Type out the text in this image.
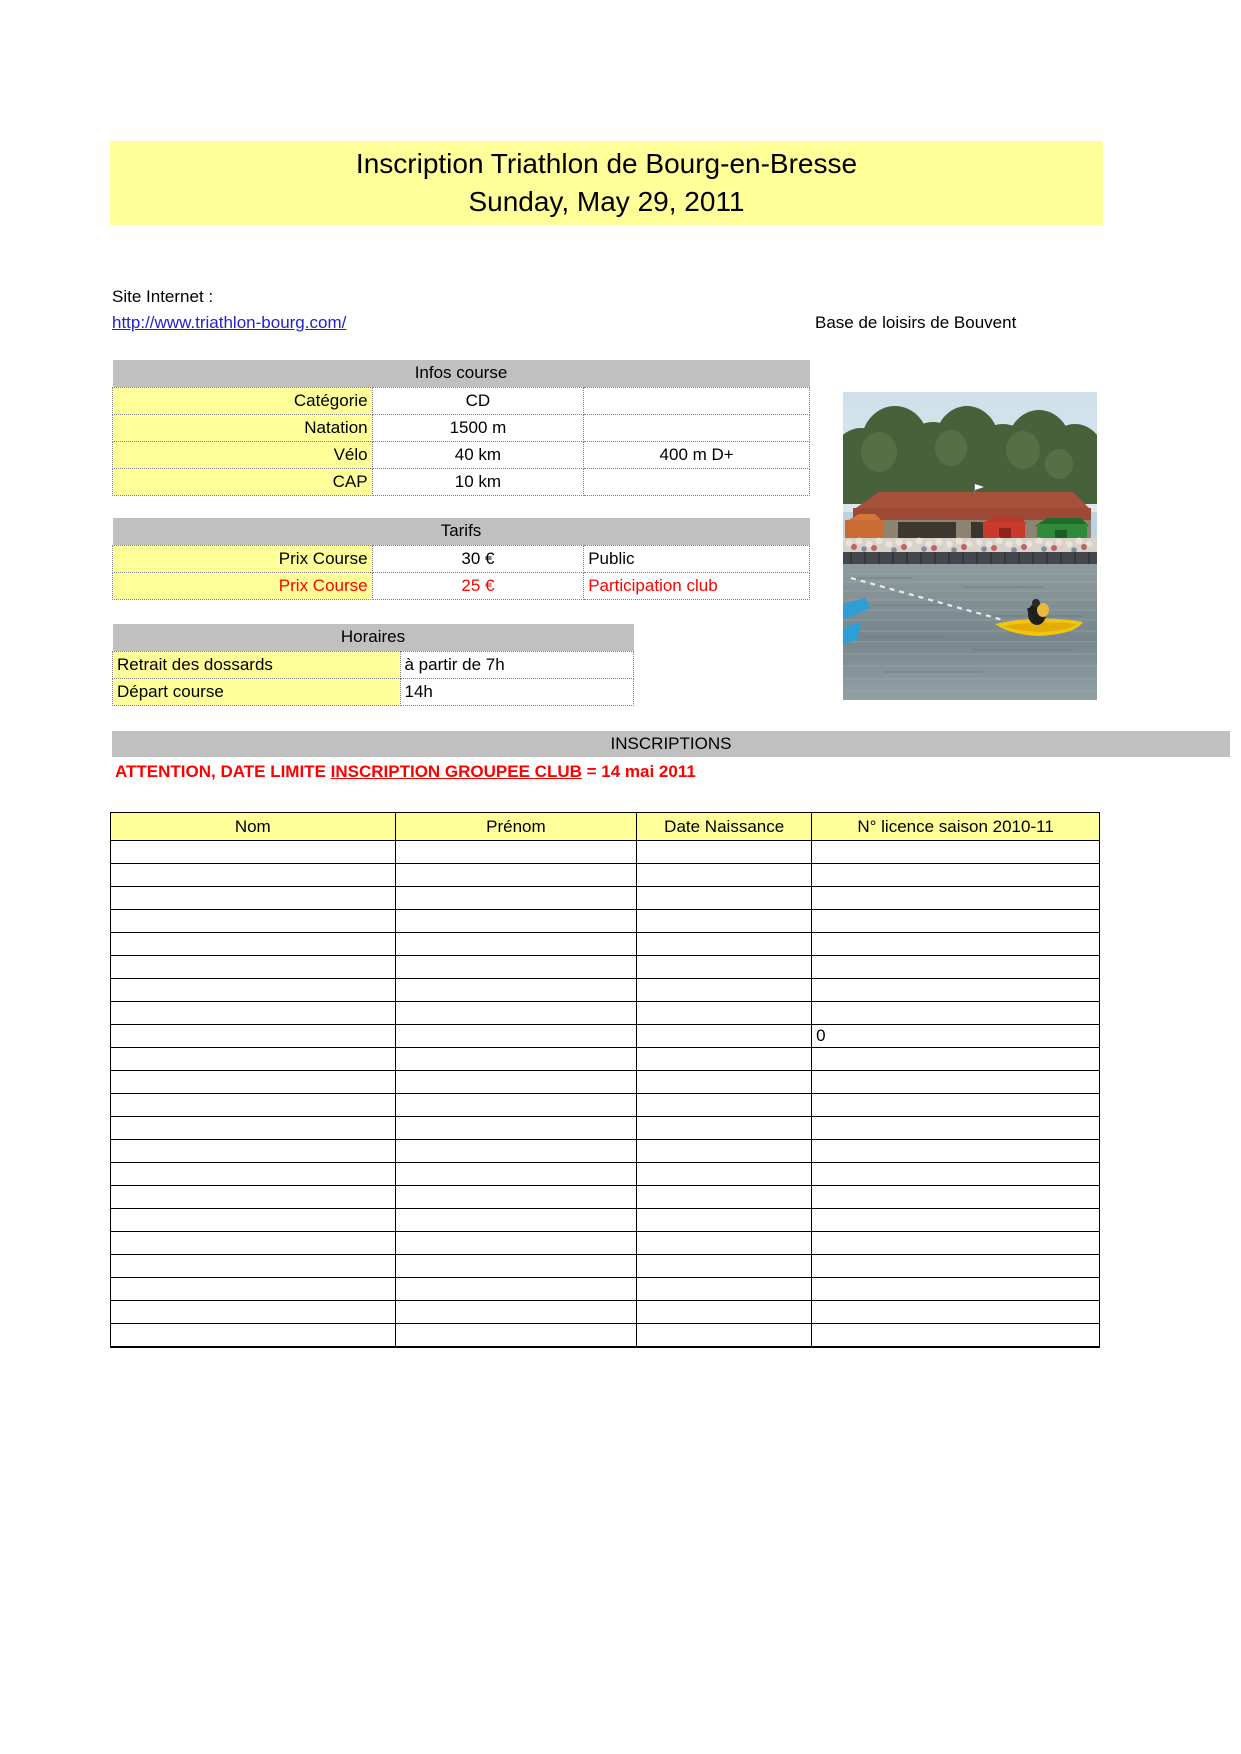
Inscription Triathlon de Bourg-en-Bresse
Sunday, May 29, 2011
Site Internet :
http://www.triathlon-bourg.com/	Base de loisirs de Bouvent
Infos course		
Catégorie	CD	
Natation	1500 m	
Vélo	40 km	400 m D+
CAP	10 km	
Tarifs		
Prix Course	30 €	Public
Prix Course	25 €	Participation club
Horaires	
Retrait des dossards	à partir de 7h
Départ course	14h
INSCRIPTIONS
ATTENTION, DATE LIMITE INSCRIPTION GROUPEE CLUB = 14 mai 2011
Nom	Prénom	Date Naissance	N° licence saison 2010-11

			0
